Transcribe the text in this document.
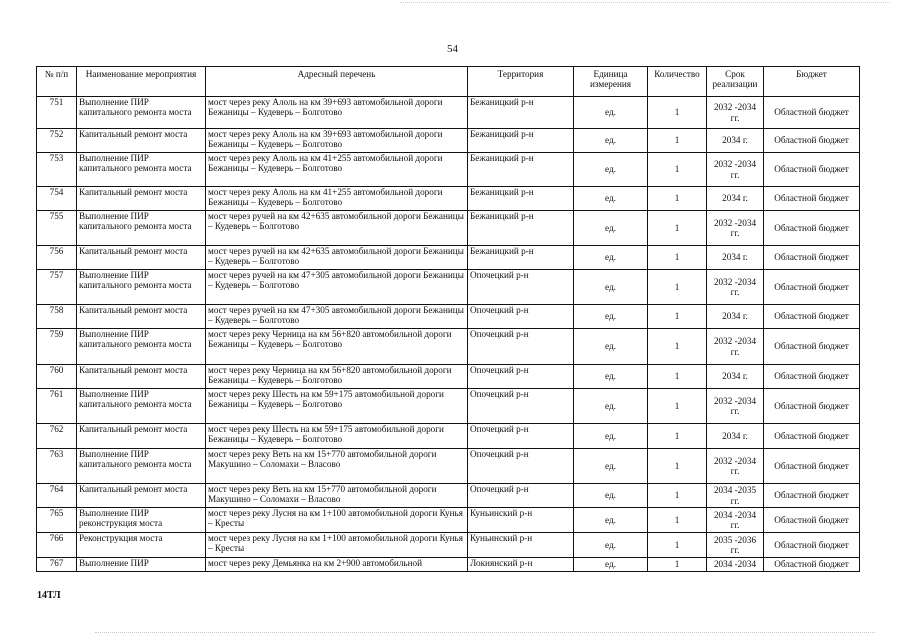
54
№ п/п	Наименование мероприятия	Адресный перечень	Территория	Единица измерения	Количество	Срок реализации	Бюджет
751	Выполнение ПИР капитального ремонта моста	мост через реку Алоль на км 39+693 автомобильной дороги Бежаницы – Кудеверь – Болготово	Бежаницкий р-н	ед.	1	2032 -2034 гг.	Областной бюджет
752	Капитальный ремонт моста	мост через реку Алоль на км 39+693 автомобильной дороги Бежаницы – Кудеверь – Болготово	Бежаницкий р-н	ед.	1	2034 г.	Областной бюджет
753	Выполнение ПИР капитального ремонта моста	мост через реку Алоль на км 41+255 автомобильной дороги Бежаницы – Кудеверь – Болготово	Бежаницкий р-н	ед.	1	2032 -2034 гг.	Областной бюджет
754	Капитальный ремонт моста	мост через реку Алоль на км 41+255 автомобильной дороги Бежаницы – Кудеверь – Болготово	Бежаницкий р-н	ед.	1	2034 г.	Областной бюджет
755	Выполнение ПИР капитального ремонта моста	мост через ручей на км 42+635 автомобильной дороги Бежаницы – Кудеверь – Болготово	Бежаницкий р-н	ед.	1	2032 -2034 гг.	Областной бюджет
756	Капитальный ремонт моста	мост через ручей на км 42+635 автомобильной дороги Бежаницы – Кудеверь – Болготово	Бежаницкий р-н	ед.	1	2034 г.	Областной бюджет
757	Выполнение ПИР капитального ремонта моста	мост через ручей на км 47+305 автомобильной дороги Бежаницы – Кудеверь – Болготово	Опочецкий р-н	ед.	1	2032 -2034 гг.	Областной бюджет
758	Капитальный ремонт моста	мост через ручей на км 47+305 автомобильной дороги Бежаницы – Кудеверь – Болготово	Опочецкий р-н	ед.	1	2034 г.	Областной бюджет
759	Выполнение ПИР капитального ремонта моста	мост через реку Черница на км 56+820 автомобильной дороги Бежаницы – Кудеверь – Болготово	Опочецкий р-н	ед.	1	2032 -2034 гг.	Областной бюджет
760	Капитальный ремонт моста	мост через реку Черница на км 56+820 автомобильной дороги Бежаницы – Кудеверь – Болготово	Опочецкий р-н	ед.	1	2034 г.	Областной бюджет
761	Выполнение ПИР капитального ремонта моста	мост через реку Шесть на км 59+175 автомобильной дороги Бежаницы – Кудеверь – Болготово	Опочецкий р-н	ед.	1	2032 -2034 гг.	Областной бюджет
762	Капитальный ремонт моста	мост через реку Шесть на км 59+175 автомобильной дороги Бежаницы – Кудеверь – Болготово	Опочецкий р-н	ед.	1	2034 г.	Областной бюджет
763	Выполнение ПИР капитального ремонта моста	мост через реку Веть на км 15+770 автомобильной дороги Макушино – Соломахи – Власово	Опочецкий р-н	ед.	1	2032 -2034 гг.	Областной бюджет
764	Капитальный ремонт моста	мост через реку Веть на км 15+770 автомобильной дороги Макушино – Соломахи – Власово	Опочецкий р-н	ед.	1	2034 -2035 гг.	Областной бюджет
765	Выполнение ПИР реконструкция моста	мост через реку Лусня на км 1+100 автомобильной дороги Кунья – Кресты	Куньинский р-н	ед.	1	2034 -2034 гг.	Областной бюджет
766	Реконструкция моста	мост через реку Лусня на км 1+100 автомобильной дороги Кунья – Кресты	Куньинский р-н	ед.	1	2035 -2036 гг.	Областной бюджет
767	Выполнение ПИР	мост через реку Демьянка на км 2+900 автомобильной	Локнянский р-н	ед.	1	2034 -2034	Областной бюджет
14ТЛ
